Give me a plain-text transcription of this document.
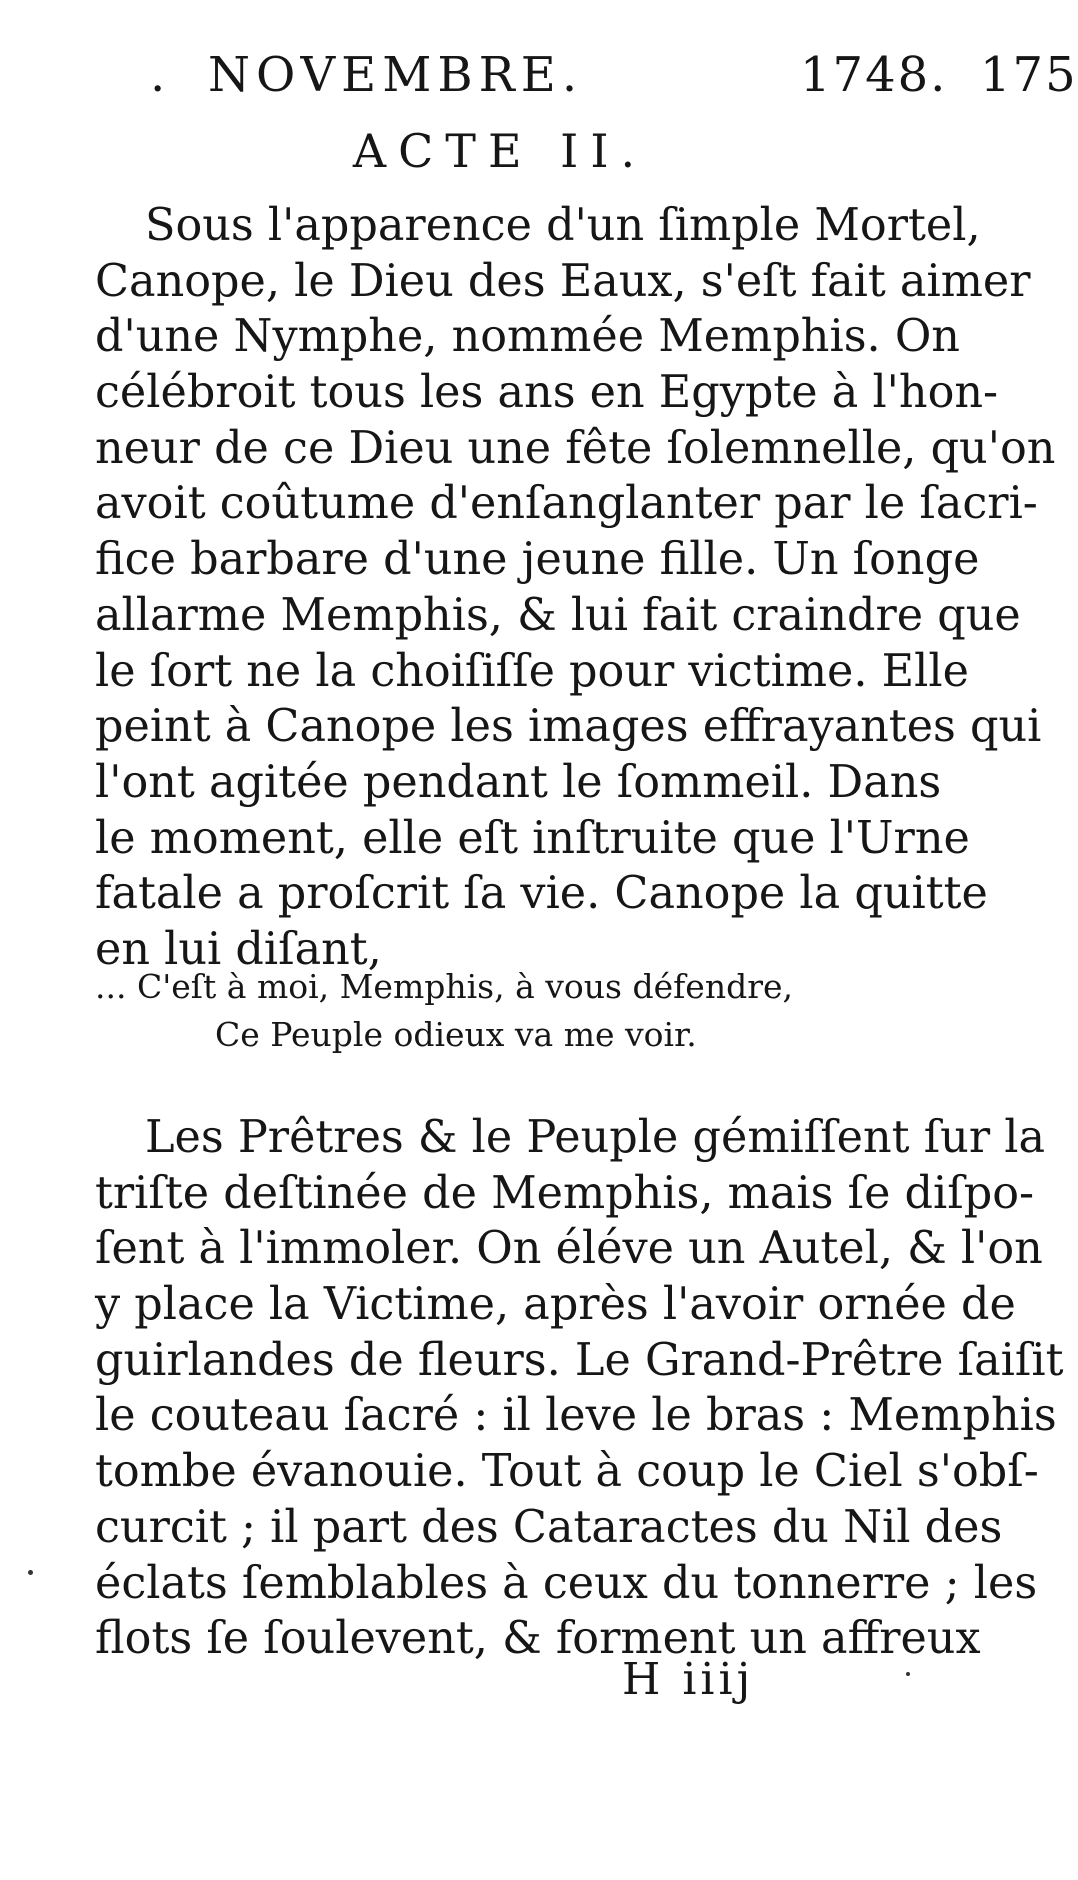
. NOVEMBRE.	1748. 175
ACTE II.
Sous l'apparence d'un ſimple Mortel,
Canope, le Dieu des Eaux, s'eſt fait aimer
d'une Nymphe, nommée Memphis. On
célébroit tous les ans en Egypte à l'hon-
neur de ce Dieu une fête ſolemnelle, qu'on
avoit coûtume d'enſanglanter par le ſacri-
fice barbare d'une jeune fille. Un ſonge
allarme Memphis, & lui fait craindre que
le ſort ne la choiſiſſe pour victime. Elle
peint à Canope les images effrayantes qui
l'ont agitée pendant le ſommeil. Dans
le moment, elle eſt inſtruite que l'Urne
fatale a proſcrit ſa vie. Canope la quitte
en lui diſant,
... C'eſt à moi, Memphis, à vous défendre,
Ce Peuple odieux va me voir.
Les Prêtres & le Peuple gémiſſent ſur la
triſte deſtinée de Memphis, mais ſe diſpo-
ſent à l'immoler. On éléve un Autel, & l'on
y place la Victime, après l'avoir ornée de
guirlandes de fleurs. Le Grand-Prêtre ſaiſit
le couteau ſacré : il leve le bras : Memphis
tombe évanouie. Tout à coup le Ciel s'obſ-
curcit ; il part des Cataractes du Nil des
éclats ſemblables à ceux du tonnerre ; les
flots ſe ſoulevent, & forment un affreux
H iiij
